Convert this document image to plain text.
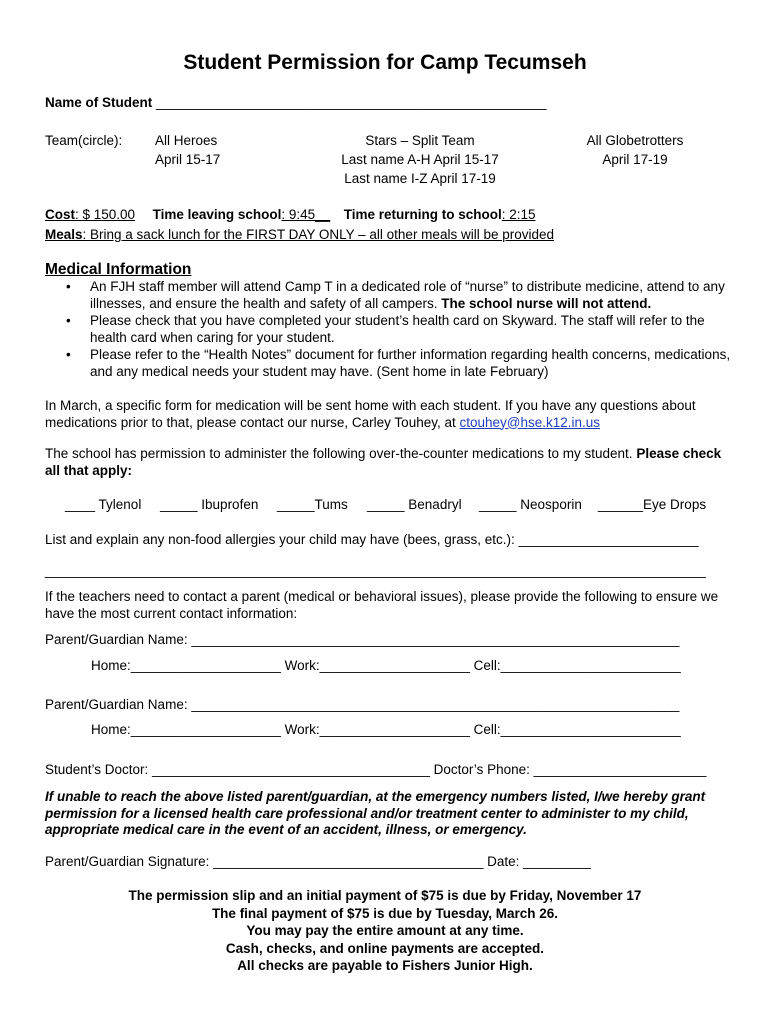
Student Permission for Camp Tecumseh
Name of Student ____________________________________________________
Team(circle): All Heroes
April 15-17
Stars – Split Team
Last name A-H April 15-17
Last name I-Z April 17-19
All Globetrotters
April 17-19
Cost: $ 150.00 Time leaving school: 9:45__ Time returning to school: 2:15
Meals: Bring a sack lunch for the FIRST DAY ONLY – all other meals will be provided
Medical Information
• An FJH staff member will attend Camp T in a dedicated role of “nurse” to distribute medicine, attend to any illnesses, and ensure the health and safety of all campers. The school nurse will not attend.
• Please check that you have completed your student’s health card on Skyward. The staff will refer to the health card when caring for your student.
• Please refer to the “Health Notes” document for further information regarding health concerns, medications, and any medical needs your student may have. (Sent home in late February)
In March, a specific form for medication will be sent home with each student. If you have any questions about medications prior to that, please contact our nurse, Carley Touhey, at ctouhey@hse.k12.in.us
The school has permission to administer the following over-the-counter medications to my student. Please check all that apply:
____ Tylenol _____ Ibuprofen _____Tums _____ Benadryl _____ Neosporin ______Eye Drops
List and explain any non-food allergies your child may have (bees, grass, etc.): ________________________
________________________________________________________________________________________
If the teachers need to contact a parent (medical or behavioral issues), please provide the following to ensure we have the most current contact information:
Parent/Guardian Name: _________________________________________________________________
Home:____________________ Work:____________________ Cell:________________________
Parent/Guardian Name: _________________________________________________________________
Home:____________________ Work:____________________ Cell:________________________
Student’s Doctor: _____________________________________ Doctor’s Phone: _______________________
If unable to reach the above listed parent/guardian, at the emergency numbers listed, I/we hereby grant permission for a licensed health care professional and/or treatment center to administer to my child, appropriate medical care in the event of an accident, illness, or emergency.
Parent/Guardian Signature: ____________________________________ Date: _________
The permission slip and an initial payment of $75 is due by Friday, November 17
The final payment of $75 is due by Tuesday, March 26.
You may pay the entire amount at any time.
Cash, checks, and online payments are accepted.
All checks are payable to Fishers Junior High.
